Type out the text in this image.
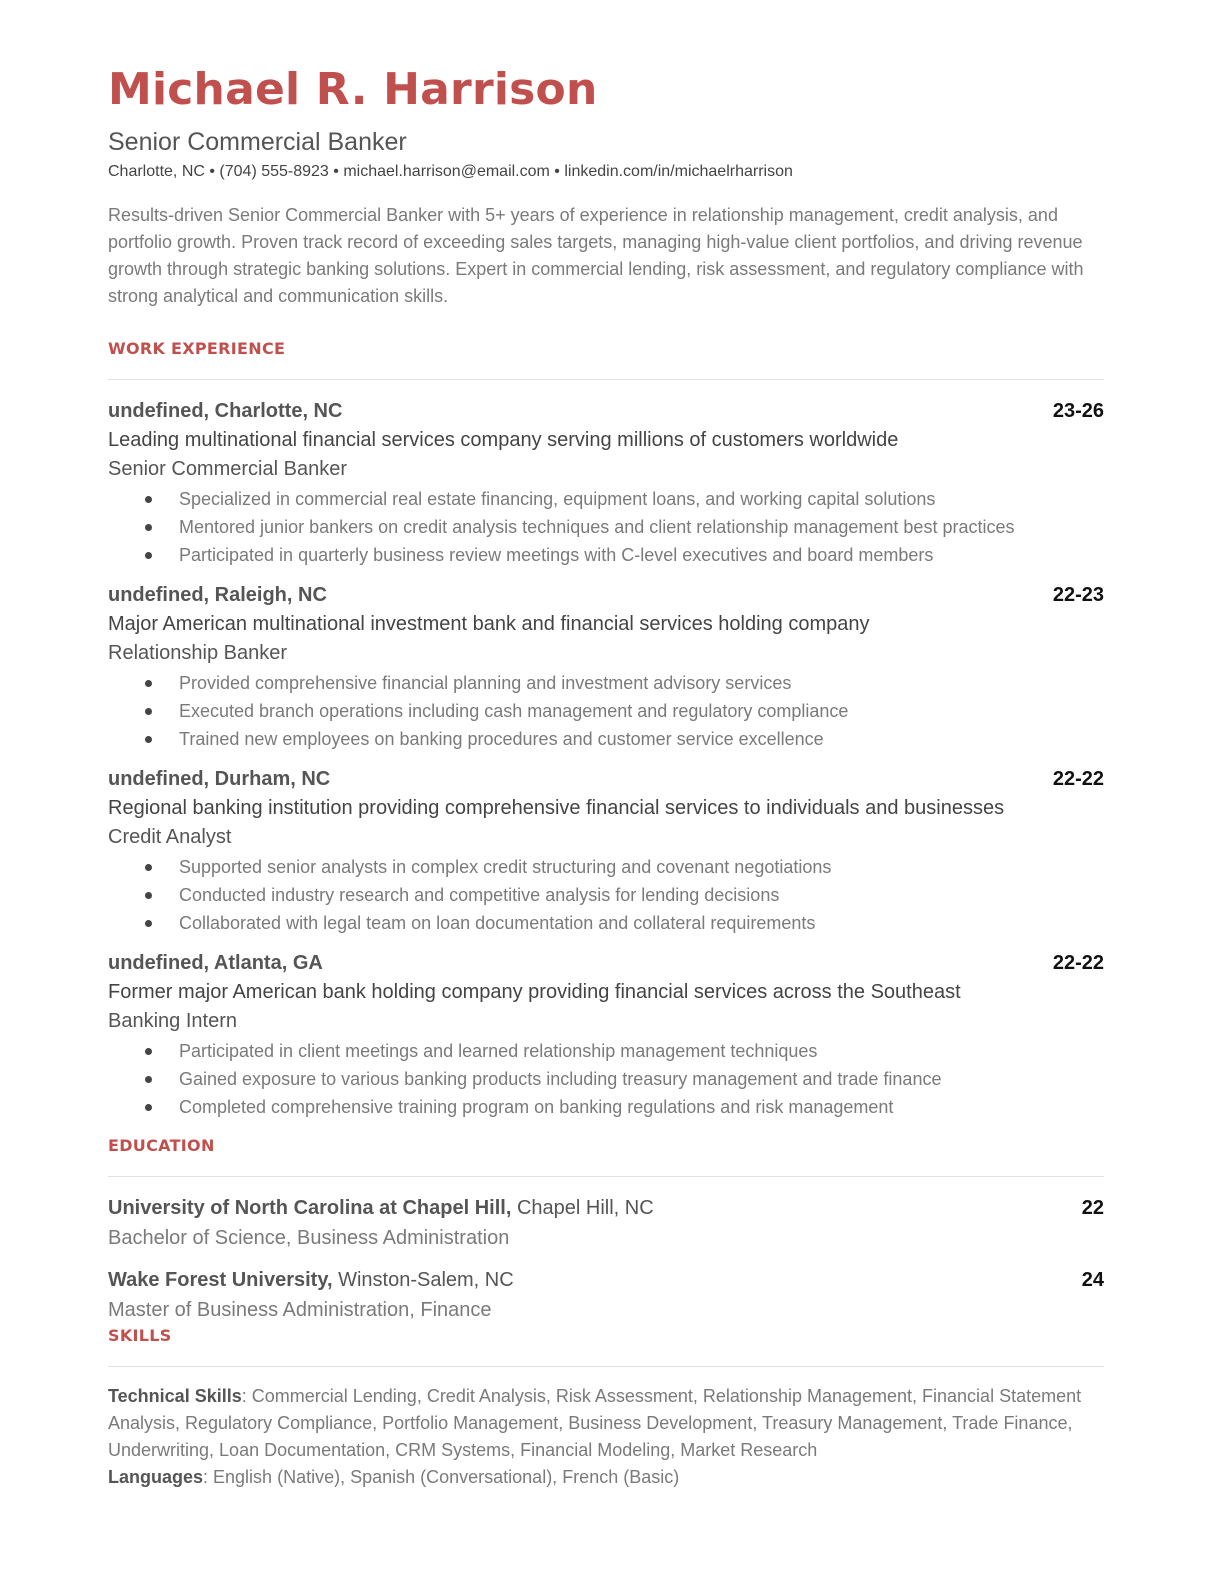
Michael R. Harrison
Senior Commercial Banker
Charlotte, NC • (704) 555-8923 • michael.harrison@email.com • linkedin.com/in/michaelrharrison
Results-driven Senior Commercial Banker with 5+ years of experience in relationship management, credit analysis, and portfolio growth. Proven track record of exceeding sales targets, managing high-value client portfolios, and driving revenue growth through strategic banking solutions. Expert in commercial lending, risk assessment, and regulatory compliance with strong analytical and communication skills.
WORK EXPERIENCE
undefined, Charlotte, NC	23-26
Leading multinational financial services company serving millions of customers worldwide
Senior Commercial Banker
Specialized in commercial real estate financing, equipment loans, and working capital solutions
Mentored junior bankers on credit analysis techniques and client relationship management best practices
Participated in quarterly business review meetings with C-level executives and board members
undefined, Raleigh, NC	22-23
Major American multinational investment bank and financial services holding company
Relationship Banker
Provided comprehensive financial planning and investment advisory services
Executed branch operations including cash management and regulatory compliance
Trained new employees on banking procedures and customer service excellence
undefined, Durham, NC	22-22
Regional banking institution providing comprehensive financial services to individuals and businesses
Credit Analyst
Supported senior analysts in complex credit structuring and covenant negotiations
Conducted industry research and competitive analysis for lending decisions
Collaborated with legal team on loan documentation and collateral requirements
undefined, Atlanta, GA	22-22
Former major American bank holding company providing financial services across the Southeast
Banking Intern
Participated in client meetings and learned relationship management techniques
Gained exposure to various banking products including treasury management and trade finance
Completed comprehensive training program on banking regulations and risk management
EDUCATION
University of North Carolina at Chapel Hill, Chapel Hill, NC	22
Bachelor of Science, Business Administration
Wake Forest University, Winston-Salem, NC	24
Master of Business Administration, Finance
SKILLS
Technical Skills: Commercial Lending, Credit Analysis, Risk Assessment, Relationship Management, Financial Statement Analysis, Regulatory Compliance, Portfolio Management, Business Development, Treasury Management, Trade Finance, Underwriting, Loan Documentation, CRM Systems, Financial Modeling, Market Research
Languages: English (Native), Spanish (Conversational), French (Basic)
